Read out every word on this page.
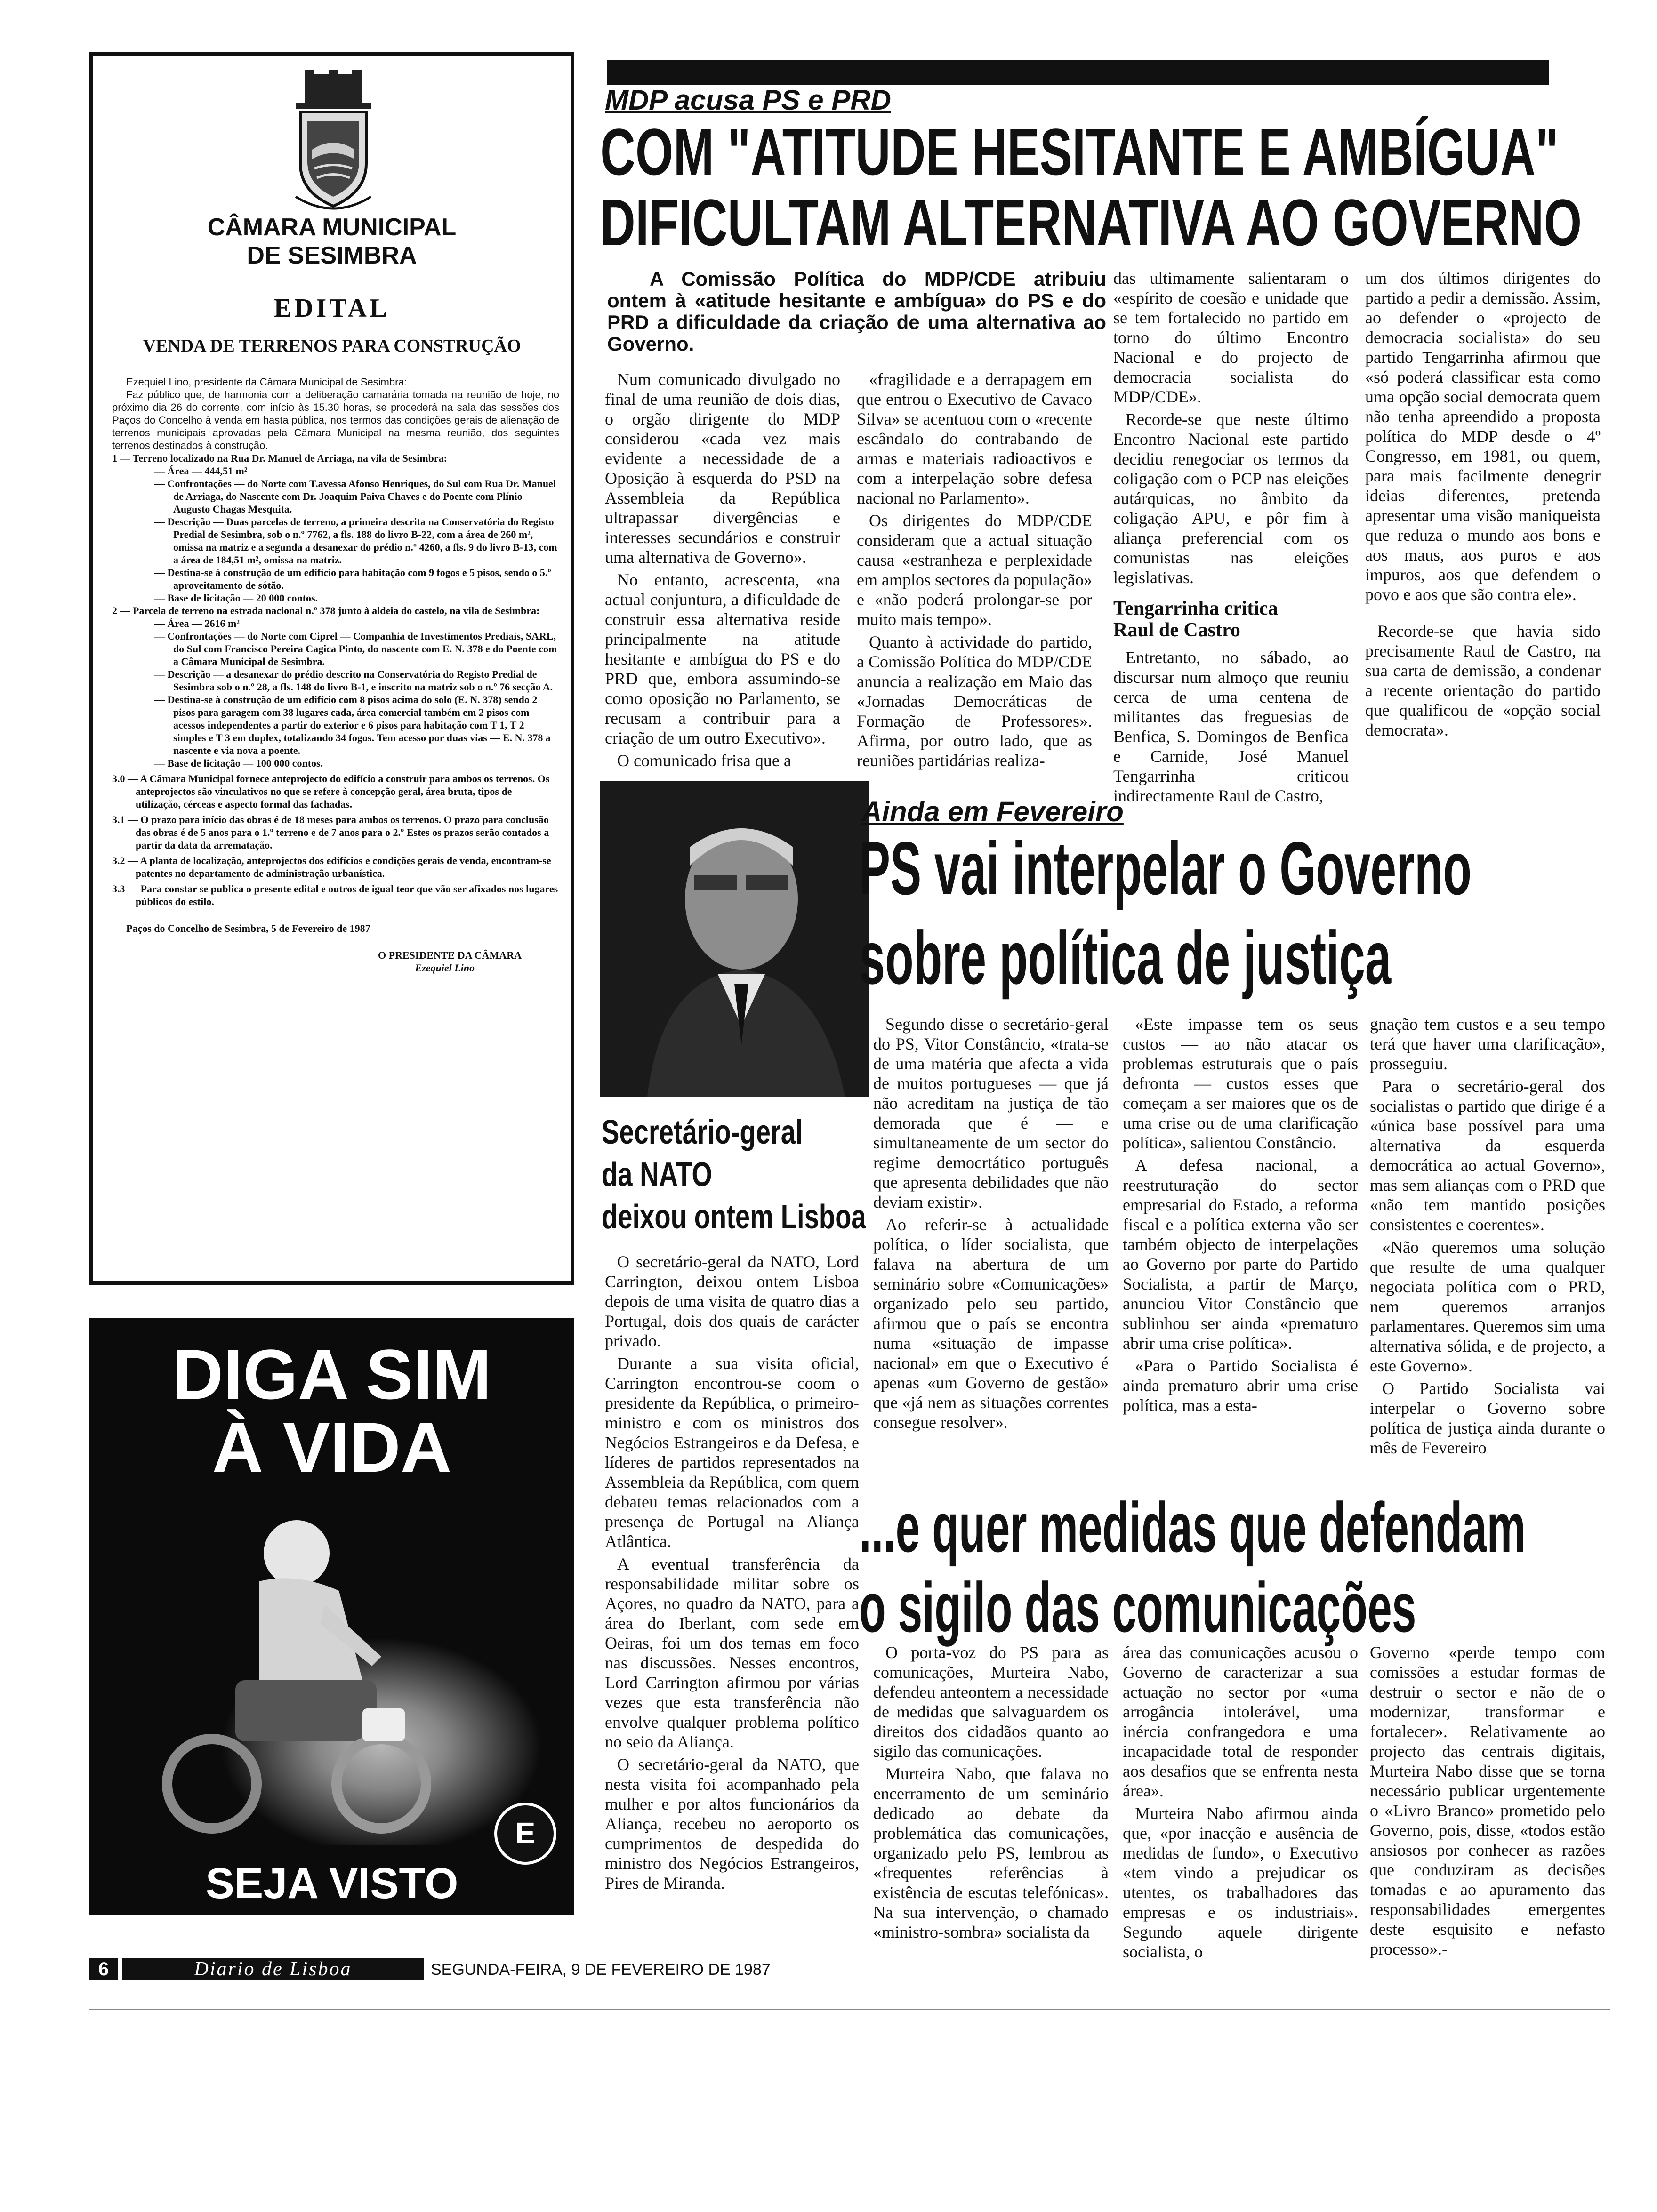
CÂMARA MUNICIPAL
DE SESIMBRA
EDITAL
VENDA DE TERRENOS PARA CONSTRUÇÃO

Ezequiel Lino, presidente da Câmara Municipal de Sesimbra:

Faz público que, de harmonia com a deliberação camarária tomada na reunião de hoje, no próximo dia 26 do corrente, com início às 15.30 horas, se procederá na sala das sessões dos Paços do Concelho à venda em hasta pública, nos termos das condições gerais de alienação de terrenos municipais aprovadas pela Câmara Municipal na mesma reunião, dos seguintes terrenos destinados à construção.

1 — Terreno localizado na Rua Dr. Manuel de Arriaga, na vila de Sesimbra:

— Área — 444,51 m²

— Confrontações — do Norte com T.avessa Afonso Henriques, do Sul com Rua Dr. Manuel de Arriaga, do Nascente com Dr. Joaquim Paiva Chaves e do Poente com Plínio Augusto Chagas Mesquita.

— Descrição — Duas parcelas de terreno, a primeira descrita na Conservatória do Registo Predial de Sesimbra, sob o n.º 7762, a fls. 188 do livro B-22, com a área de 260 m², omissa na matriz e a segunda a desanexar do prédio n.º 4260, a fls. 9 do livro B-13, com a área de 184,51 m², omissa na matriz.

— Destina-se à construção de um edifício para habitação com 9 fogos e 5 pisos, sendo o 5.º aproveitamento de sótão.

— Base de licitação — 20 000 contos.

2 — Parcela de terreno na estrada nacional n.º 378 junto à aldeia do castelo, na vila de Sesimbra:

— Área — 2616 m²

— Confrontações — do Norte com Ciprel — Companhia de Investimentos Prediais, SARL, do Sul com Francisco Pereira Cagica Pinto, do nascente com E. N. 378 e do Poente com a Câmara Municipal de Sesimbra.

— Descrição — a desanexar do prédio descrito na Conservatória do Registo Predial de Sesimbra sob o n.º 28, a fls. 148 do livro B-1, e inscrito na matriz sob o n.º 76 secção A.

— Destina-se à construção de um edifício com 8 pisos acima do solo (E. N. 378) sendo 2 pisos para garagem com 38 lugares cada, área comercial também em 2 pisos com acessos independentes a partir do exterior e 6 pisos para habitação com T 1, T 2 simples e T 3 em duplex, totalizando 34 fogos. Tem acesso por duas vias — E. N. 378 a nascente e via nova a poente.

— Base de licitação — 100 000 contos.

3.0 — A Câmara Municipal fornece anteprojecto do edifício a construir para ambos os terrenos. Os anteprojectos são vinculativos no que se refere à concepção geral, área bruta, tipos de utilização, cérceas e aspecto formal das fachadas.

3.1 — O prazo para início das obras é de 18 meses para ambos os terrenos. O prazo para conclusão das obras é de 5 anos para o 1.º terreno e de 7 anos para o 2.º Estes os prazos serão contados a partir da data da arrematação.

3.2 — A planta de localização, anteprojectos dos edifícios e condições gerais de venda, encontram-se patentes no departamento de administração urbanística.

3.3 — Para constar se publica o presente edital e outros de igual teor que vão ser afixados nos lugares públicos do estilo.

Paços do Concelho de Sesimbra, 5 de Fevereiro de 1987

O PRESIDENTE DA CÂMARA

Ezequiel Lino

DIGA SIM
À VIDA
E
SEJA VISTO
6	Diario de Lisboa	SEGUNDA-FEIRA, 9 DE FEVEREIRO DE 1987
MDP acusa PS e PRD
COM "ATITUDE HESITANTE E AMBÍGUA"
DIFICULTAM ALTERNATIVA AO GOVERNO
A Comissão Política do MDP/CDE atribuiu ontem à «atitude hesitante e ambígua» do PS e do PRD a dificuldade da criação de uma alternativa ao Governo.

Num comunicado divulgado no final de uma reunião de dois dias, o orgão dirigente do MDP considerou «cada vez mais evidente a necessidade de a Oposição à esquerda do PSD na Assembleia da República ultrapassar divergências e interesses secundários e construir uma alternativa de Governo».

No entanto, acrescenta, «na actual conjuntura, a dificuldade de construir essa alternativa reside principalmente na atitude hesitante e ambígua do PS e do PRD que, embora assumindo-se como oposição no Parlamento, se recusam a contribuir para a criação de um outro Executivo».

O comunicado frisa que a

«fragilidade e a derrapagem em que entrou o Executivo de Cavaco Silva» se acentuou com o «recente escândalo do contrabando de armas e materiais radioactivos e com a interpelação sobre defesa nacional no Parlamento».

Os dirigentes do MDP/CDE consideram que a actual situação causa «estranheza e perplexidade em amplos sectores da população» e «não poderá prolongar-se por muito mais tempo».

Quanto à actividade do partido, a Comissão Política do MDP/CDE anuncia a realização em Maio das «Jornadas Democráticas de Formação de Professores». Afirma, por outro lado, que as reuniões partidárias realiza-

das ultimamente salientaram o «espírito de coesão e unidade que se tem fortalecido no partido em torno do último Encontro Nacional e do projecto de democracia socialista do MDP/CDE».

Recorde-se que neste último Encontro Nacional este partido decidiu renegociar os termos da coligação com o PCP nas eleições autárquicas, no âmbito da coligação APU, e pôr fim à aliança preferencial com os comunistas nas eleições legislativas.

Tengarrinha critica
Raul de Castro

Entretanto, no sábado, ao discursar num almoço que reuniu cerca de uma centena de militantes das freguesias de Benfica, S. Domingos de Benfica e Carnide, José Manuel Tengarrinha criticou indirectamente Raul de Castro,

um dos últimos dirigentes do partido a pedir a demissão. Assim, ao defender o «projecto de democracia socialista» do seu partido Tengarrinha afirmou que «só poderá classificar esta como uma opção social democrata quem não tenha apreendido a proposta política do MDP desde o 4º Congresso, em 1981, ou quem, para mais facilmente denegrir ideias diferentes, pretenda apresentar uma visão maniqueista que reduza o mundo aos bons e aos maus, aos puros e aos impuros, aos que defendem o povo e aos que são contra ele».

Recorde-se que havia sido precisamente Raul de Castro, na sua carta de demissão, a condenar a recente orientação do partido que qualificou de «opção social democrata».

Secretário-geral
da NATO
deixou ontem Lisboa

O secretário-geral da NATO, Lord Carrington, deixou ontem Lisboa depois de uma visita de quatro dias a Portugal, dois dos quais de carácter privado.

Durante a sua visita oficial, Carrington encontrou-se coom o presidente da República, o primeiro-ministro e com os ministros dos Negócios Estrangeiros e da Defesa, e líderes de partidos representados na Assembleia da República, com quem debateu temas relacionados com a presença de Portugal na Aliança Atlântica.

A eventual transferência da responsabilidade militar sobre os Açores, no quadro da NATO, para a área do Iberlant, com sede em Oeiras, foi um dos temas em foco nas discussões. Nesses encontros, Lord Carrington afirmou por várias vezes que esta transferência não envolve qualquer problema político no seio da Aliança.

O secretário-geral da NATO, que nesta visita foi acompanhado pela mulher e por altos funcionários da Aliança, recebeu no aeroporto os cumprimentos de despedida do ministro dos Negócios Estrangeiros, Pires de Miranda.

Ainda em Fevereiro
PS vai interpelar o Governo
sobre política de justiça

Segundo disse o secretário-geral do PS, Vitor Constâncio, «trata-se de uma matéria que afecta a vida de muitos portugueses — que já não acreditam na justiça de tão demorada que é — e simultaneamente de um sector do regime democrtático português que apresenta debilidades que não deviam existir».

Ao referir-se à actualidade política, o líder socialista, que falava na abertura de um seminário sobre «Comunicações» organizado pelo seu partido, afirmou que o país se encontra numa «situação de impasse nacional» em que o Executivo é apenas «um Governo de gestão» que «já nem as situações correntes consegue resolver».

«Este impasse tem os seus custos — ao não atacar os problemas estruturais que o país defronta — custos esses que começam a ser maiores que os de uma crise ou de uma clarificação política», salientou Constâncio.

A defesa nacional, a reestruturação do sector empresarial do Estado, a reforma fiscal e a política externa vão ser também objecto de interpelações ao Governo por parte do Partido Socialista, a partir de Março, anunciou Vitor Constâncio que sublinhou ser ainda «prematuro abrir uma crise política».

«Para o Partido Socialista é ainda prematuro abrir uma crise política, mas a esta-

gnação tem custos e a seu tempo terá que haver uma clarificação», prosseguiu.

Para o secretário-geral dos socialistas o partido que dirige é a «única base possível para uma alternativa da esquerda democrática ao actual Governo», mas sem alianças com o PRD que «não tem mantido posições consistentes e coerentes».

«Não queremos uma solução que resulte de uma qualquer negociata política com o PRD, nem queremos arranjos parlamentares. Queremos sim uma alternativa sólida, e de projecto, a este Governo».

O Partido Socialista vai interpelar o Governo sobre política de justiça ainda durante o mês de Fevereiro

...e quer medidas que defendam
o sigilo das comunicações

O porta-voz do PS para as comunicações, Murteira Nabo, defendeu anteontem a necessidade de medidas que salvaguardem os direitos dos cidadãos quanto ao sigilo das comunicações.

Murteira Nabo, que falava no encerramento de um seminário dedicado ao debate da problemática das comunicações, organizado pelo PS, lembrou as «frequentes referências à existência de escutas telefónicas». Na sua intervenção, o chamado «ministro-sombra» socialista da

área das comunicações acusou o Governo de caracterizar a sua actuação no sector por «uma arrogância intolerável, uma inércia confrangedora e uma incapacidade total de responder aos desafios que se enfrenta nesta área».

Murteira Nabo afirmou ainda que, «por inacção e ausência de medidas de fundo», o Executivo «tem vindo a prejudicar os utentes, os trabalhadores das empresas e os industriais». Segundo aquele dirigente socialista, o

Governo «perde tempo com comissões a estudar formas de destruir o sector e não de o modernizar, transformar e fortalecer». Relativamente ao projecto das centrais digitais, Murteira Nabo disse que se torna necessário publicar urgentemente o «Livro Branco» prometido pelo Governo, pois, disse, «todos estão ansiosos por conhecer as razões que conduziram as decisões tomadas e ao apuramento das responsabilidades emergentes deste esquisito e nefasto processo».-
